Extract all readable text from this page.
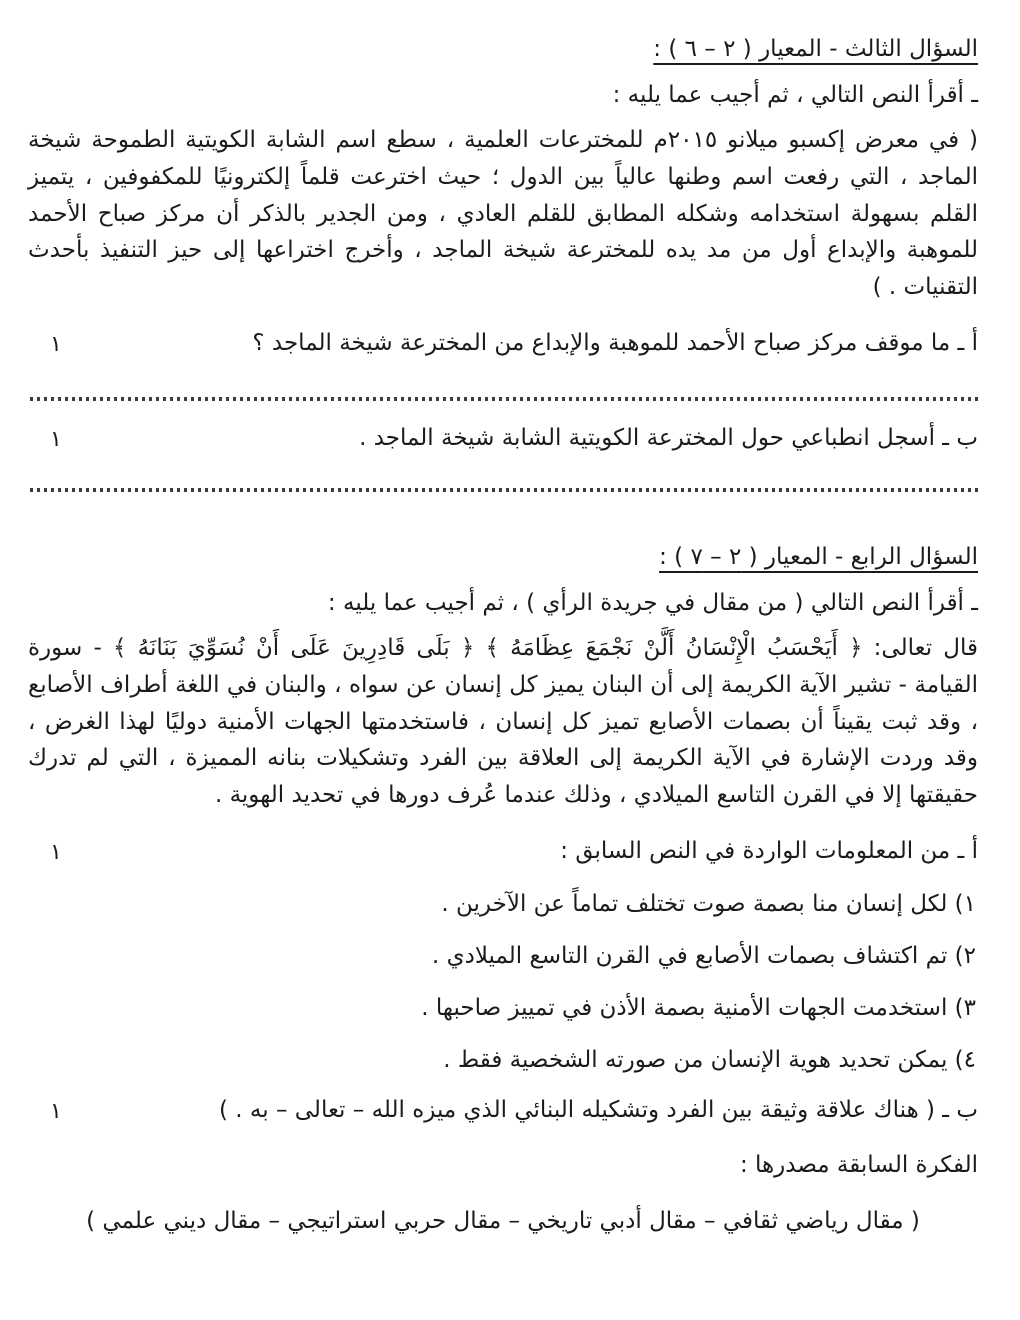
السؤال الثالث - المعيار ( ٢ – ٦ ) :
ـ أقرأ النص التالي ، ثم أجيب عما يليه :
( في معرض إكسبو ميلانو ٢٠١٥م للمخترعات العلمية ، سطع اسم الشابة الكويتية الطموحة شيخة الماجد ، التي رفعت اسم وطنها عالياً بين الدول ؛ حيث اخترعت قلماً إلكترونيًا للمكفوفين ، يتميز القلم بسهولة استخدامه وشكله المطابق للقلم العادي ، ومن الجدير بالذكر أن مركز صباح الأحمد للموهبة والإبداع أول من مد يده للمخترعة شيخة الماجد ، وأخرج اختراعها إلى حيز التنفيذ بأحدث التقنيات . )
أ ـ ما موقف مركز صباح الأحمد للموهبة والإبداع من المخترعة شيخة الماجد ؟
١
ب ـ أسجل انطباعي حول المخترعة الكويتية الشابة شيخة الماجد .
١
السؤال الرابع - المعيار ( ٢ – ٧ ) :
ـ أقرأ النص التالي ( من مقال في جريدة الرأي ) ، ثم أجيب عما يليه :
قال تعالى: ﴿ أَيَحْسَبُ الْإِنْسَانُ أَلَّنْ نَجْمَعَ عِظَامَهُ ﴾ ﴿ بَلَى قَادِرِينَ عَلَى أَنْ نُسَوِّيَ بَنَانَهُ ﴾ - سورة القيامة - تشير الآية الكريمة إلى أن البنان يميز كل إنسان عن سواه ، والبنان في اللغة أطراف الأصابع ، وقد ثبت يقيناً أن بصمات الأصابع تميز كل إنسان ، فاستخدمتها الجهات الأمنية دوليًا لهذا الغرض ، وقد وردت الإشارة في الآية الكريمة إلى العلاقة بين الفرد وتشكيلات بنانه المميزة ، التي لم تدرك حقيقتها إلا في القرن التاسع الميلادي ، وذلك عندما عُرف دورها في تحديد الهوية .
أ ـ من المعلومات الواردة في النص السابق :
١
١) لكل إنسان منا بصمة صوت تختلف تماماً عن الآخرين .
٢) تم اكتشاف بصمات الأصابع في القرن التاسع الميلادي .
٣) استخدمت الجهات الأمنية بصمة الأذن في تمييز صاحبها .
٤) يمكن تحديد هوية الإنسان من صورته الشخصية فقط .
ب ـ ( هناك علاقة وثيقة بين الفرد وتشكيله البنائي الذي ميزه الله – تعالى – به . )
١
الفكرة السابقة مصدرها :
( مقال رياضي ثقافي – مقال أدبي تاريخي – مقال حربي استراتيجي – مقال ديني علمي )
